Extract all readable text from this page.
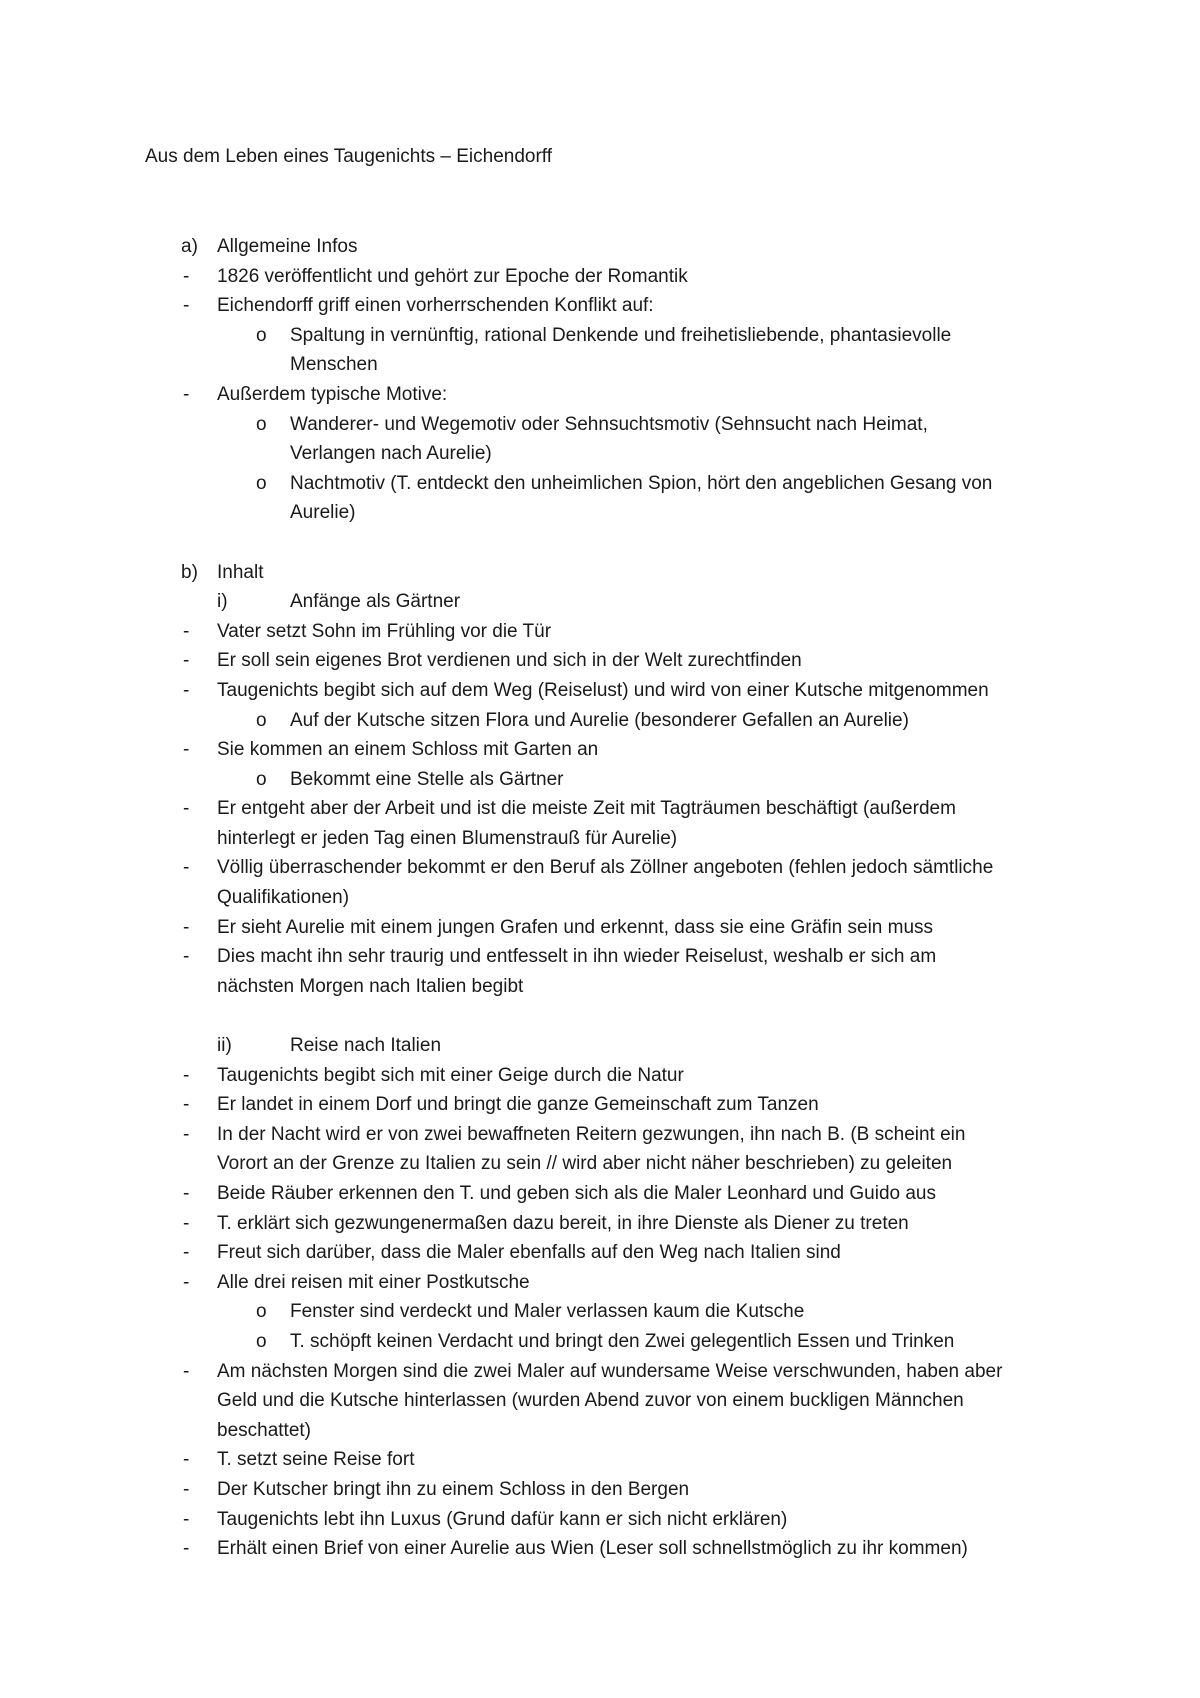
Aus dem Leben eines Taugenichts – Eichendorff
a) Allgemeine Infos
- 1826 veröffentlicht und gehört zur Epoche der Romantik
- Eichendorff griff einen vorherrschenden Konflikt auf:
o Spaltung in vernünftig, rational Denkende und freihetisliebende, phantasievolle
Menschen
- Außerdem typische Motive:
o Wanderer- und Wegemotiv oder Sehnsuchtsmotiv (Sehnsucht nach Heimat,
Verlangen nach Aurelie)
o Nachtmotiv (T. entdeckt den unheimlichen Spion, hört den angeblichen Gesang von
Aurelie)
b) Inhalt
i)	Anfänge als Gärtner
- Vater setzt Sohn im Frühling vor die Tür
- Er soll sein eigenes Brot verdienen und sich in der Welt zurechtfinden
- Taugenichts begibt sich auf dem Weg (Reiselust) und wird von einer Kutsche mitgenommen
o Auf der Kutsche sitzen Flora und Aurelie (besonderer Gefallen an Aurelie)
- Sie kommen an einem Schloss mit Garten an
o Bekommt eine Stelle als Gärtner
- Er entgeht aber der Arbeit und ist die meiste Zeit mit Tagträumen beschäftigt (außerdem
hinterlegt er jeden Tag einen Blumenstrauß für Aurelie)
- Völlig überraschender bekommt er den Beruf als Zöllner angeboten (fehlen jedoch sämtliche
Qualifikationen)
- Er sieht Aurelie mit einem jungen Grafen und erkennt, dass sie eine Gräfin sein muss
- Dies macht ihn sehr traurig und entfesselt in ihn wieder Reiselust, weshalb er sich am
nächsten Morgen nach Italien begibt
ii)	Reise nach Italien
- Taugenichts begibt sich mit einer Geige durch die Natur
- Er landet in einem Dorf und bringt die ganze Gemeinschaft zum Tanzen
- In der Nacht wird er von zwei bewaffneten Reitern gezwungen, ihn nach B. (B scheint ein
Vorort an der Grenze zu Italien zu sein // wird aber nicht näher beschrieben) zu geleiten
- Beide Räuber erkennen den T. und geben sich als die Maler Leonhard und Guido aus
- T. erklärt sich gezwungenermaßen dazu bereit, in ihre Dienste als Diener zu treten
- Freut sich darüber, dass die Maler ebenfalls auf den Weg nach Italien sind
- Alle drei reisen mit einer Postkutsche
o Fenster sind verdeckt und Maler verlassen kaum die Kutsche
o T. schöpft keinen Verdacht und bringt den Zwei gelegentlich Essen und Trinken
- Am nächsten Morgen sind die zwei Maler auf wundersame Weise verschwunden, haben aber
Geld und die Kutsche hinterlassen (wurden Abend zuvor von einem buckligen Männchen
beschattet)
- T. setzt seine Reise fort
- Der Kutscher bringt ihn zu einem Schloss in den Bergen
- Taugenichts lebt ihn Luxus (Grund dafür kann er sich nicht erklären)
- Erhält einen Brief von einer Aurelie aus Wien (Leser soll schnellstmöglich zu ihr kommen)
